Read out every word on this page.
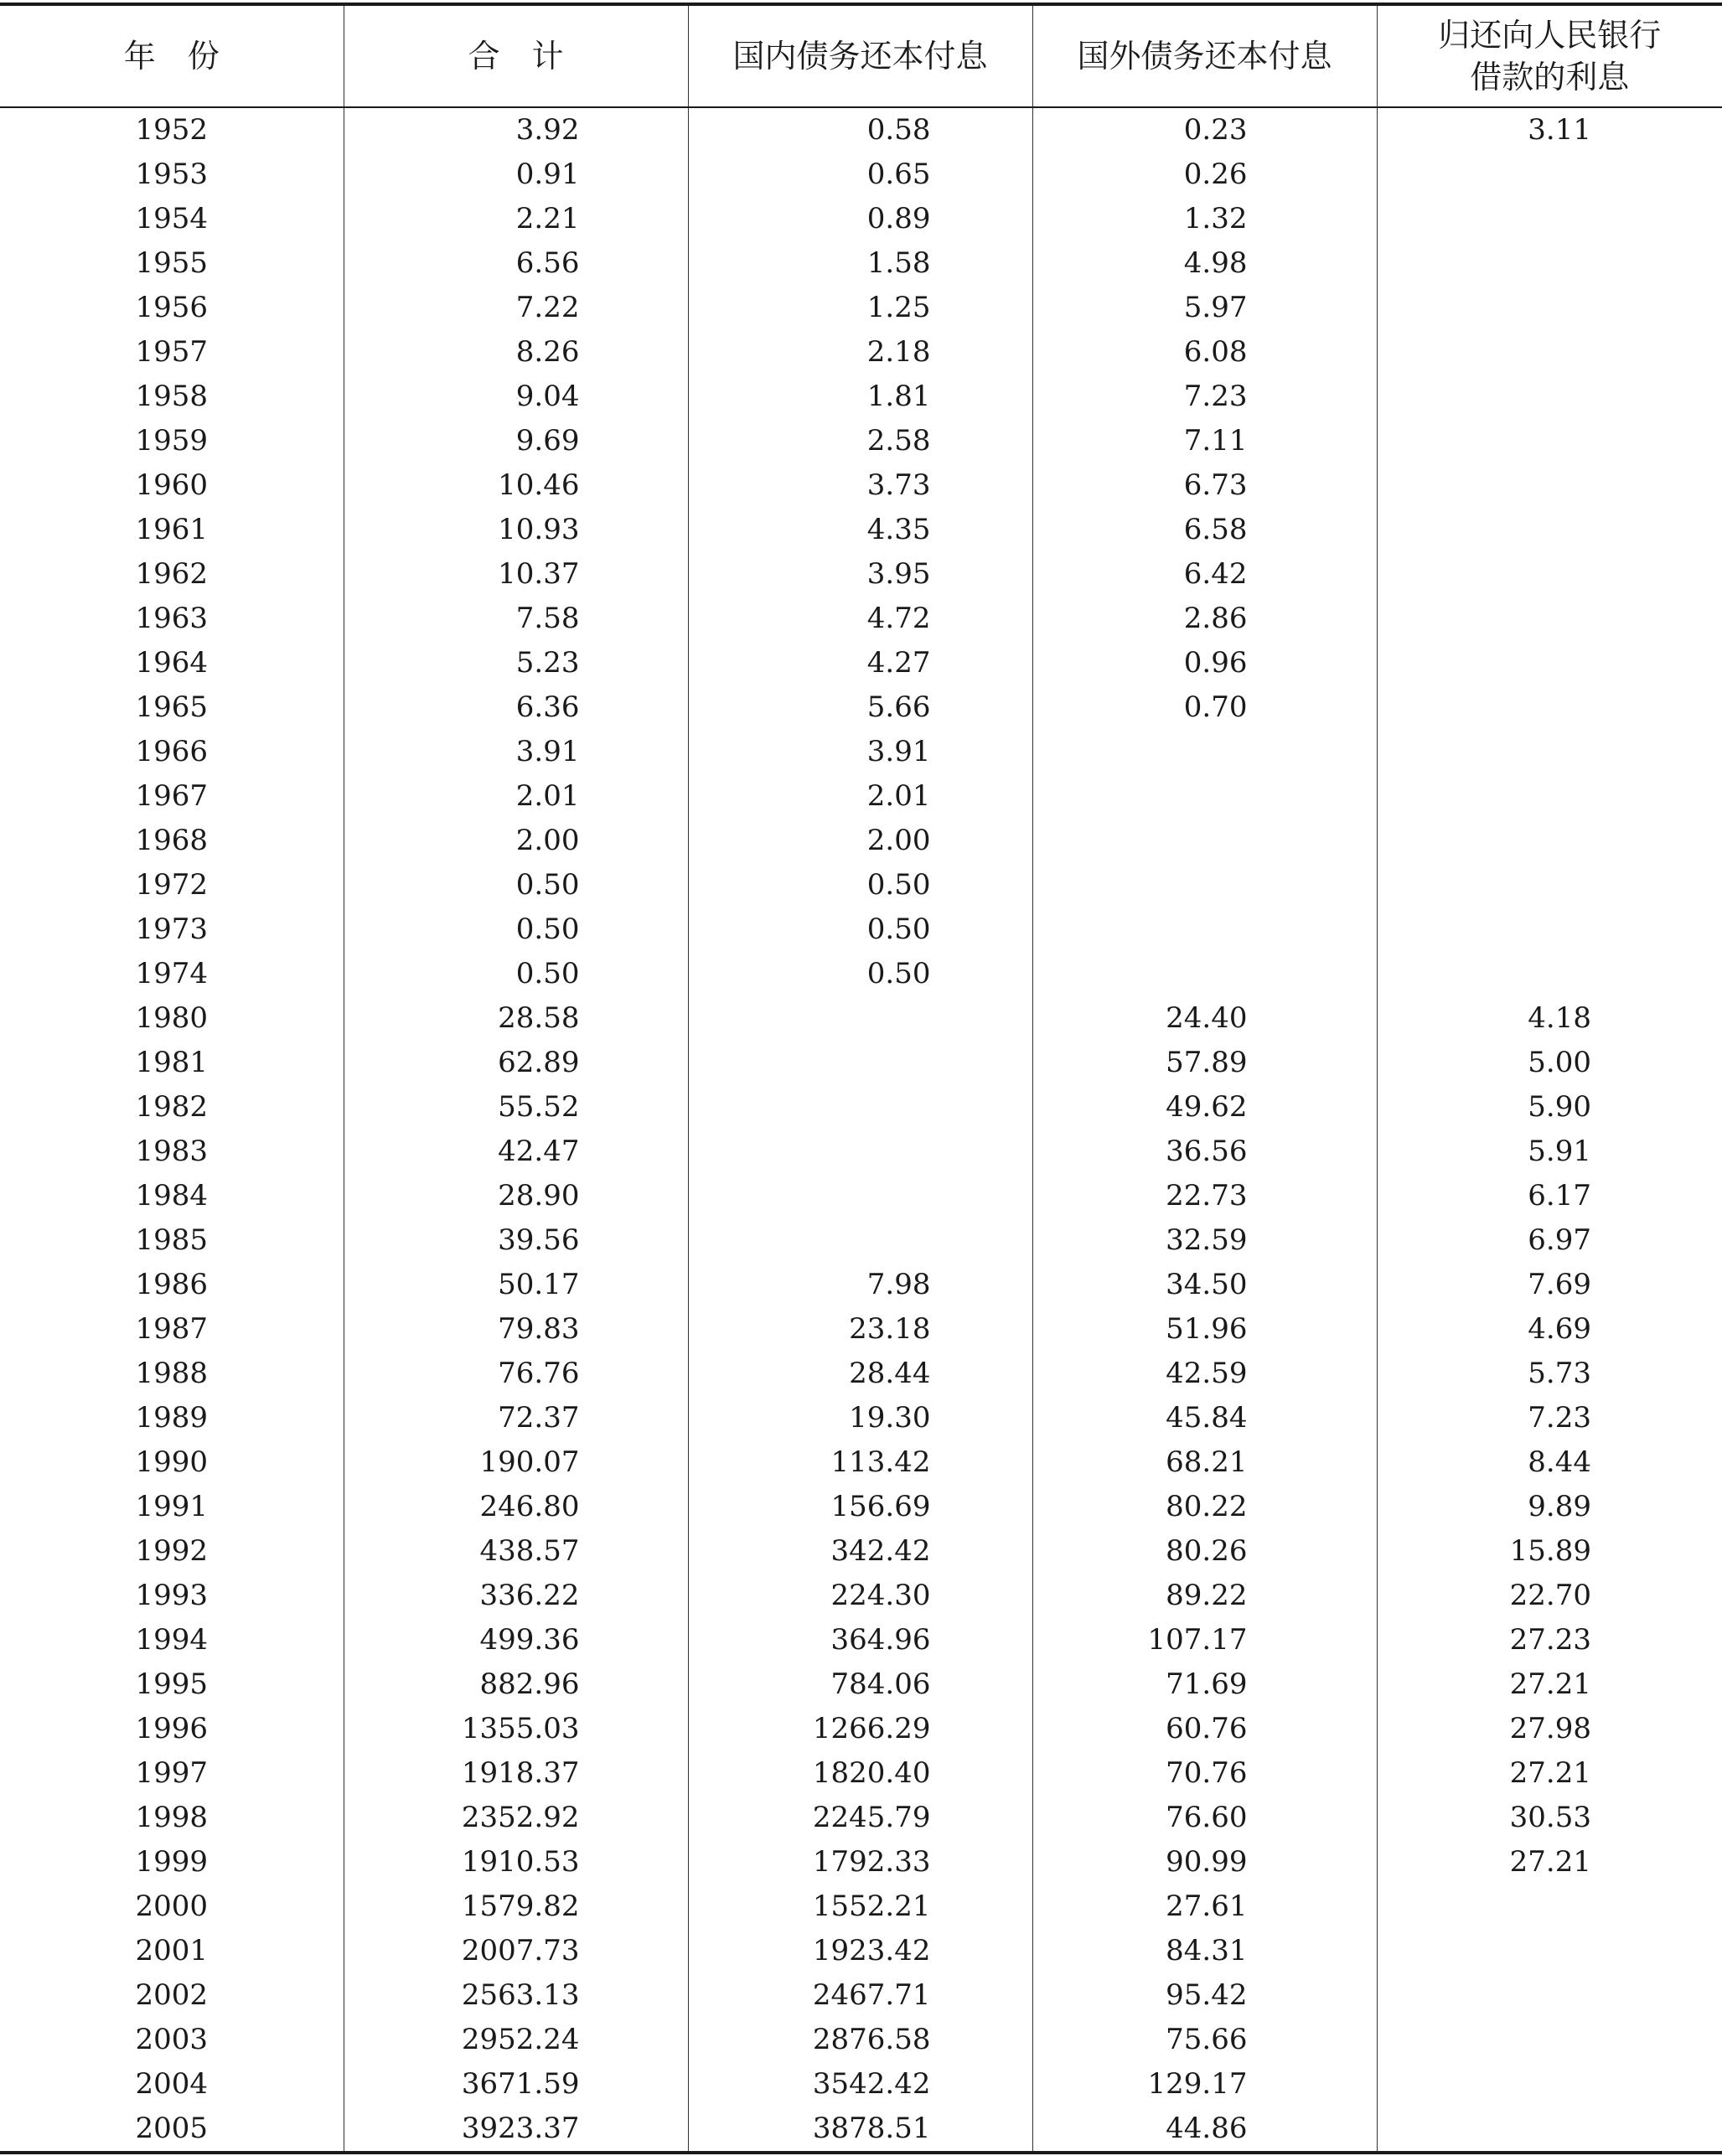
年　份	合　计	国内债务还本付息	国外债务还本付息	归还向人民银行借款的利息
1952	3.92	0.58	0.23	3.11
1953	0.91	0.65	0.26	
1954	2.21	0.89	1.32	
1955	6.56	1.58	4.98	
1956	7.22	1.25	5.97	
1957	8.26	2.18	6.08	
1958	9.04	1.81	7.23	
1959	9.69	2.58	7.11	
1960	10.46	3.73	6.73	
1961	10.93	4.35	6.58	
1962	10.37	3.95	6.42	
1963	7.58	4.72	2.86	
1964	5.23	4.27	0.96	
1965	6.36	5.66	0.70	
1966	3.91	3.91		
1967	2.01	2.01		
1968	2.00	2.00		
1972	0.50	0.50		
1973	0.50	0.50		
1974	0.50	0.50		
1980	28.58		24.40	4.18
1981	62.89		57.89	5.00
1982	55.52		49.62	5.90
1983	42.47		36.56	5.91
1984	28.90		22.73	6.17
1985	39.56		32.59	6.97
1986	50.17	7.98	34.50	7.69
1987	79.83	23.18	51.96	4.69
1988	76.76	28.44	42.59	5.73
1989	72.37	19.30	45.84	7.23
1990	190.07	113.42	68.21	8.44
1991	246.80	156.69	80.22	9.89
1992	438.57	342.42	80.26	15.89
1993	336.22	224.30	89.22	22.70
1994	499.36	364.96	107.17	27.23
1995	882.96	784.06	71.69	27.21
1996	1355.03	1266.29	60.76	27.98
1997	1918.37	1820.40	70.76	27.21
1998	2352.92	2245.79	76.60	30.53
1999	1910.53	1792.33	90.99	27.21
2000	1579.82	1552.21	27.61	
2001	2007.73	1923.42	84.31	
2002	2563.13	2467.71	95.42	
2003	2952.24	2876.58	75.66	
2004	3671.59	3542.42	129.17	
2005	3923.37	3878.51	44.86	
